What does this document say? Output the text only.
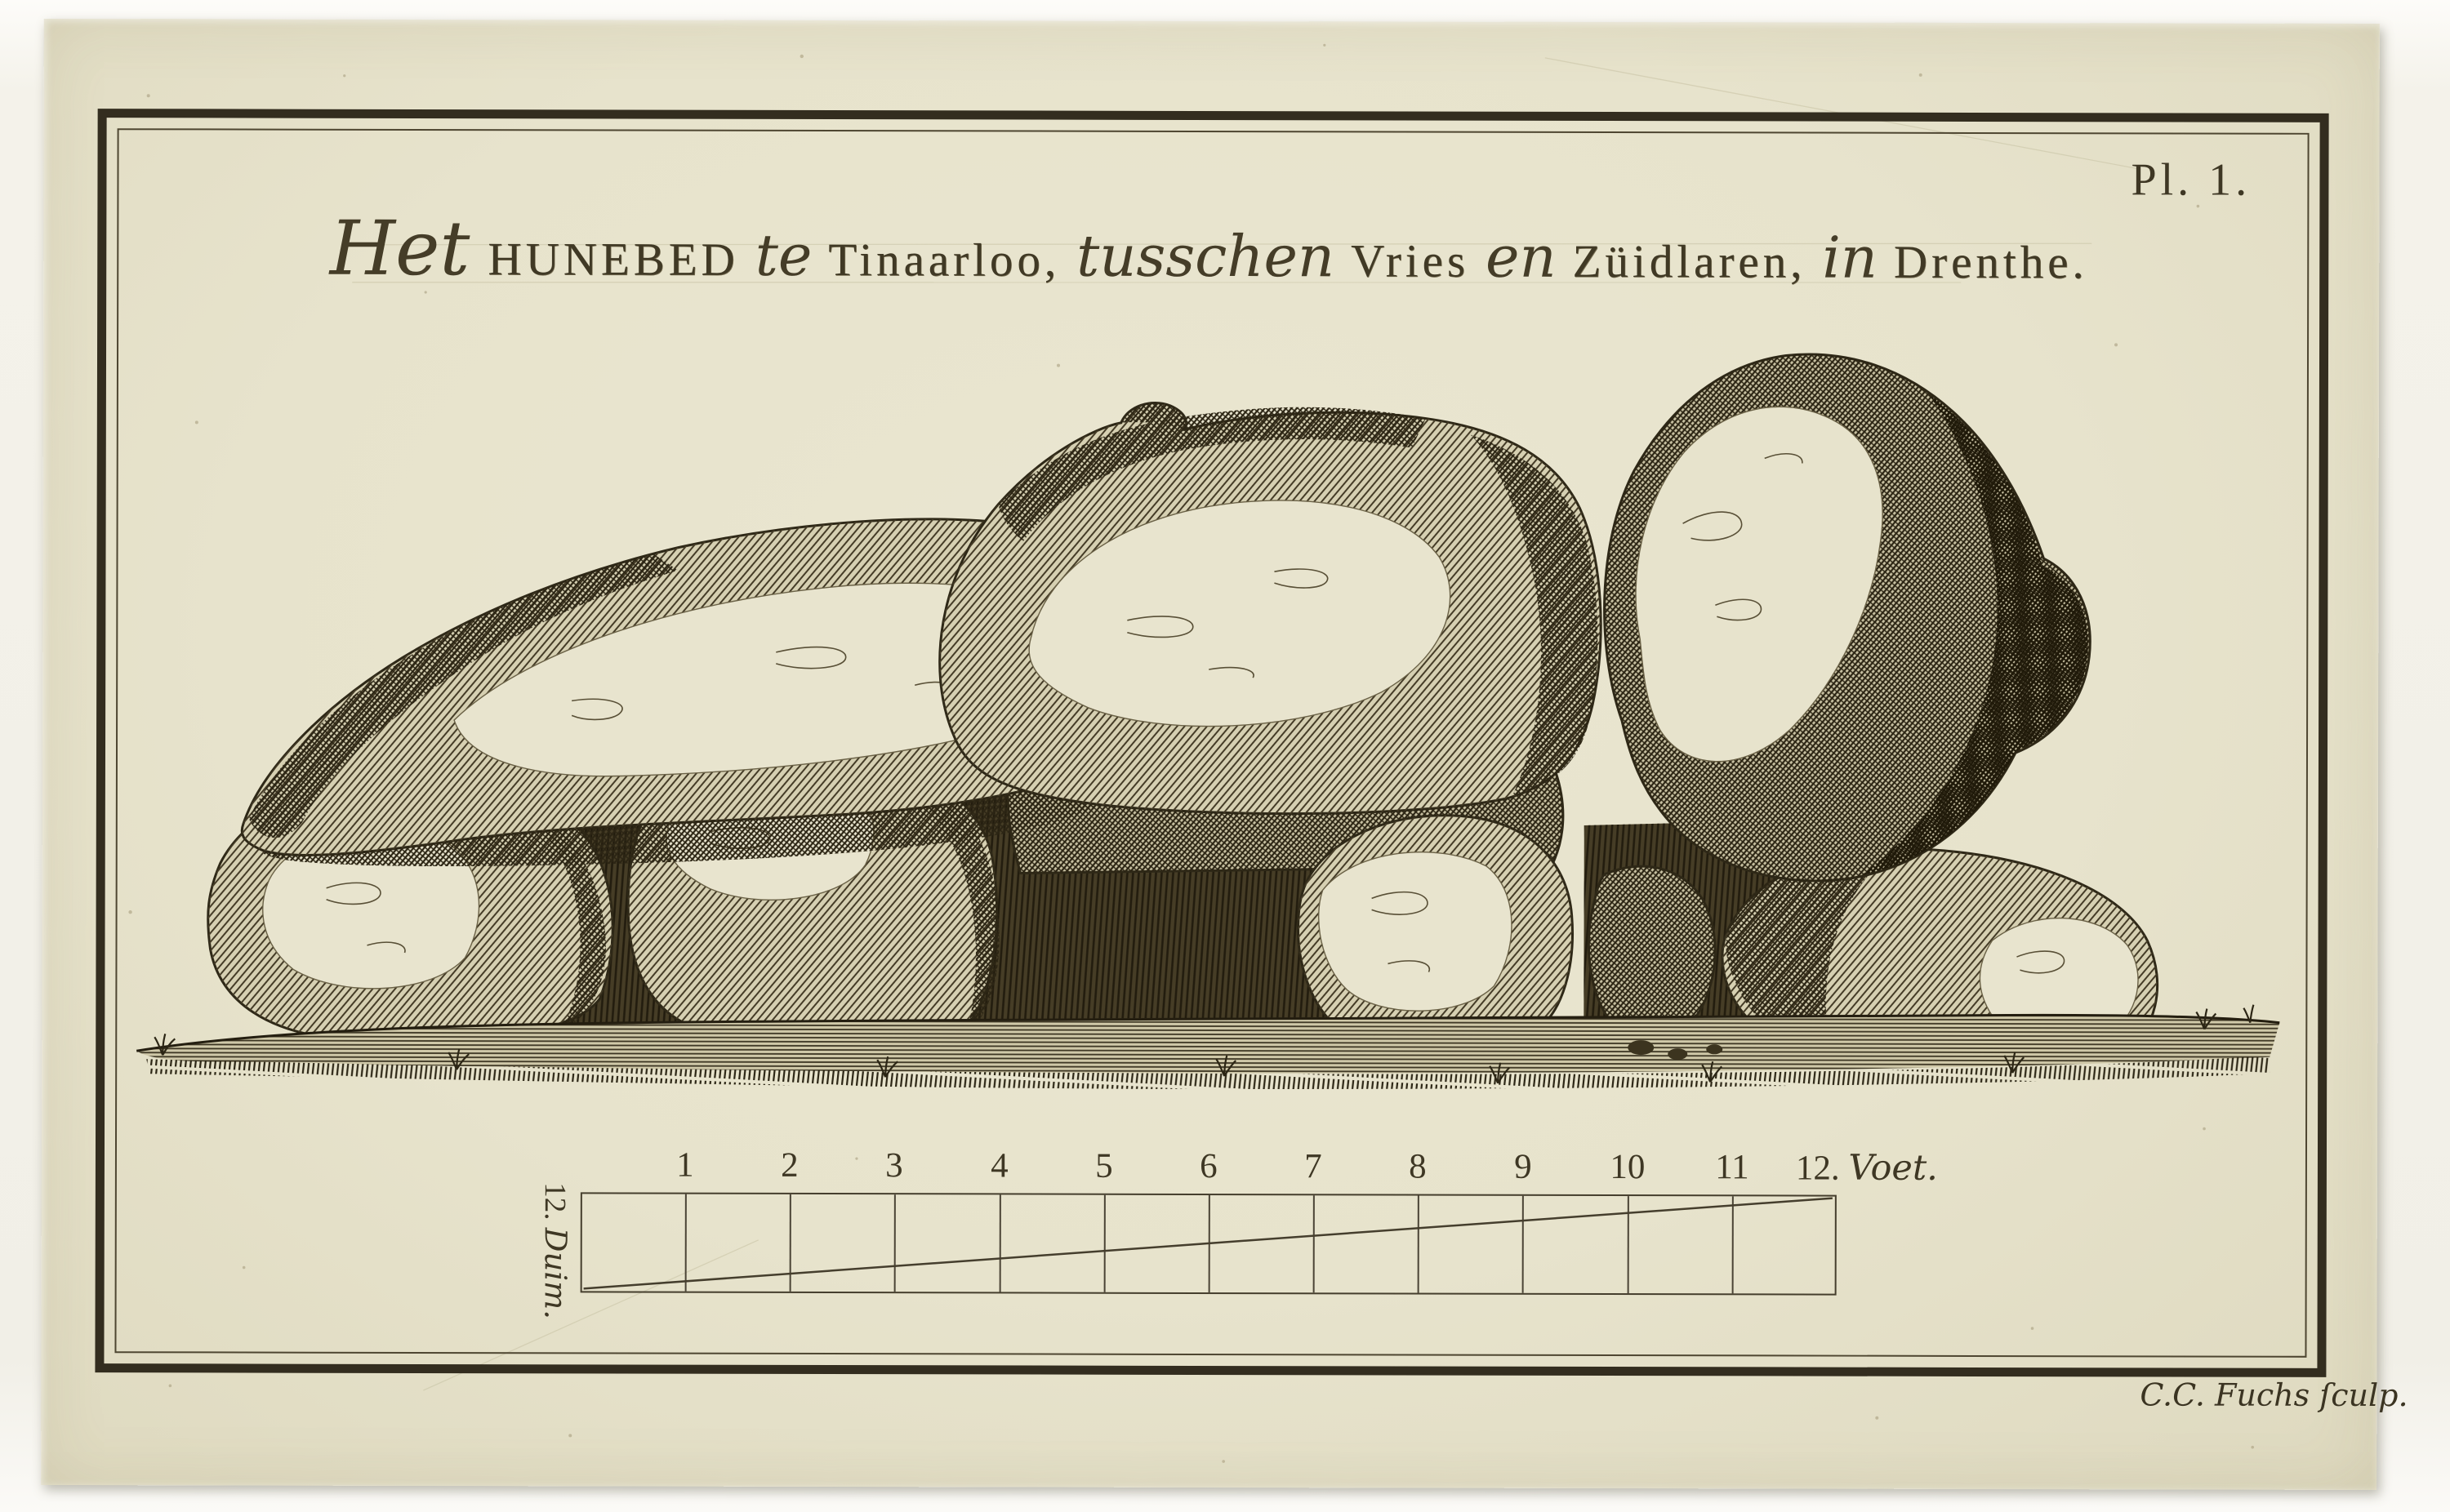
Pl. 1.
Het HUNEBED te Tinaarloo, tusschen Vries en Züidlaren, in Drenthe.
1	2	3	4	5	6	7	8	9	10	11	12. Voet.
12. Duim.
C.C. Fuchs ſculp.
